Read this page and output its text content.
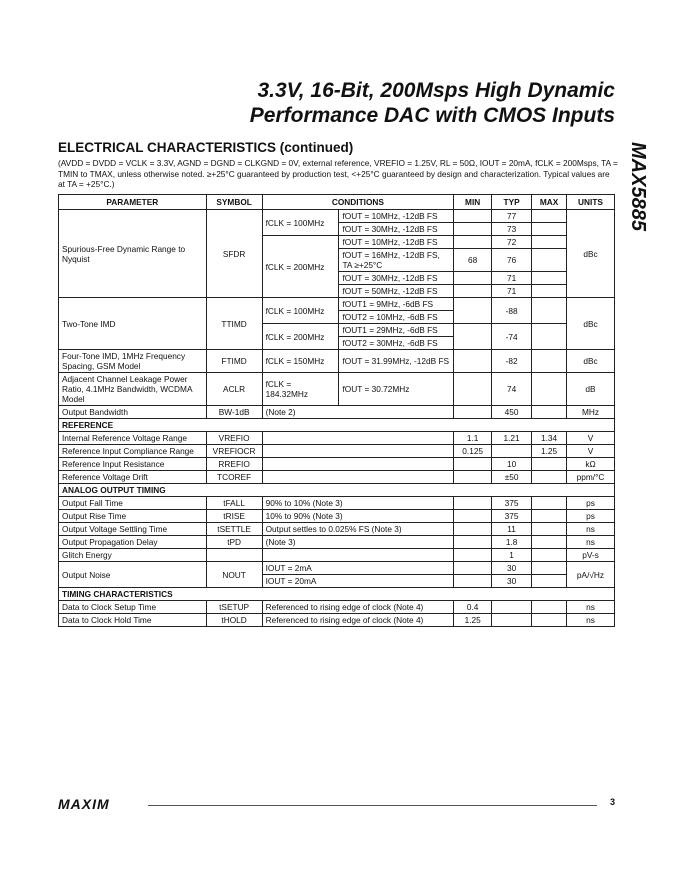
3.3V, 16-Bit, 200Msps High Dynamic
Performance DAC with CMOS Inputs
MAX5885
ELECTRICAL CHARACTERISTICS (continued)
(AVDD = DVDD = VCLK = 3.3V, AGND = DGND = CLKGND = 0V, external reference, VREFIO = 1.25V, RL = 50Ω, IOUT = 20mA, fCLK = 200Msps, TA = TMIN to TMAX, unless otherwise noted. ≥+25°C guaranteed by production test, <+25°C guaranteed by design and characterization. Typical values are at TA = +25°C.)
PARAMETER	SYMBOL	CONDITIONS		MIN	TYP	MAX	UNITS
Spurious-Free Dynamic Range to Nyquist	SFDR	fCLK = 100MHz	fOUT = 10MHz, -12dB FS		77		dBc
			fOUT = 30MHz, -12dB FS		73		
		fCLK = 200MHz	fOUT = 10MHz, -12dB FS		72		
			fOUT = 16MHz, -12dB FS, TA ≥+25°C	68	76		
			fOUT = 30MHz, -12dB FS		71		
			fOUT = 50MHz, -12dB FS		71		
Two-Tone IMD	TTIMD	fCLK = 100MHz	fOUT1 = 9MHz, -6dB FS		-88		dBc
			fOUT2 = 10MHz, -6dB FS				
		fCLK = 200MHz	fOUT1 = 29MHz, -6dB FS		-74		
			fOUT2 = 30MHz, -6dB FS				
Four-Tone IMD, 1MHz Frequency Spacing, GSM Model	FTIMD	fCLK = 150MHz	fOUT = 31.99MHz, -12dB FS		-82		dBc
Adjacent Channel Leakage Power Ratio, 4.1MHz Bandwidth, WCDMA Model	ACLR	fCLK = 184.32MHz	fOUT = 30.72MHz		74		dB
Output Bandwidth	BW-1dB	(Note 2)			450		MHz
REFERENCE							
Internal Reference Voltage Range	VREFIO			1.1	1.21	1.34	V
Reference Input Compliance Range	VREFIOCR			0.125		1.25	V
Reference Input Resistance	RREFIO				10		kΩ
Reference Voltage Drift	TCOREF				±50		ppm/°C
ANALOG OUTPUT TIMING							
Output Fall Time	tFALL	90% to 10% (Note 3)			375		ps
Output Rise Time	tRISE	10% to 90% (Note 3)			375		ps
Output Voltage Settling Time	tSETTLE	Output settles to 0.025% FS (Note 3)			11		ns
Output Propagation Delay	tPD	(Note 3)			1.8		ns
Glitch Energy					1		pV-s
Output Noise	NOUT	IOUT = 2mA			30		pA/√Hz
		IOUT = 20mA			30		
TIMING CHARACTERISTICS							
Data to Clock Setup Time	tSETUP	Referenced to rising edge of clock (Note 4)		0.4			ns
Data to Clock Hold Time	tHOLD	Referenced to rising edge of clock (Note 4)		1.25			ns
MAXIM	3
